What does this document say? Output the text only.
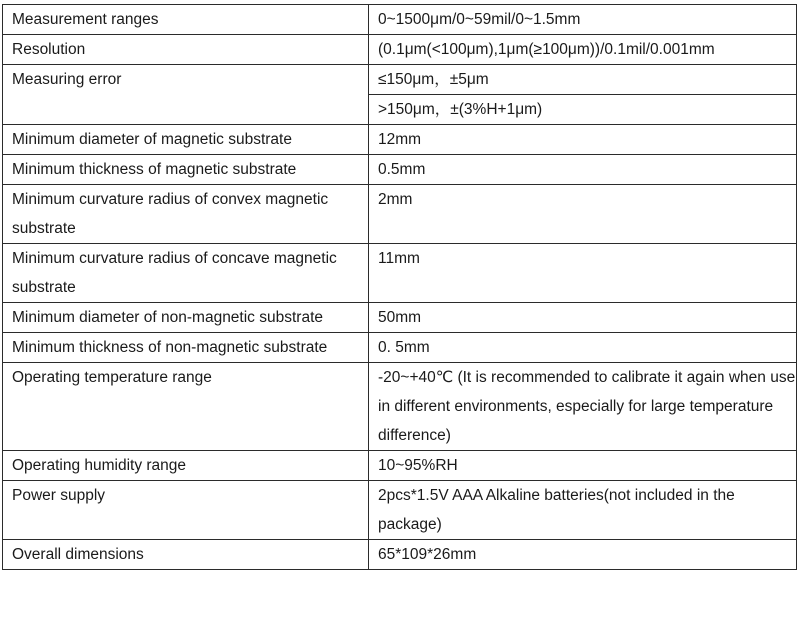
Measurement ranges	0~1500μm/0~59mil/0~1.5mm
Resolution	(0.1μm(<100μm),1μm(≥100μm))/0.1mil/0.001mm
Measuring error	≤150μm，±5μm
	>150μm，±(3%H+1μm)
Minimum diameter of magnetic substrate	12mm
Minimum thickness of magnetic substrate	0.5mm
Minimum curvature radius of convex magnetic substrate	2mm
Minimum curvature radius of concave magnetic substrate	11mm
Minimum diameter of non-magnetic substrate	50mm
Minimum thickness of non-magnetic substrate	0. 5mm
Operating temperature range	-20~+40℃ (It is recommended to calibrate it again when use in different environments, especially for large temperature difference)
Operating humidity range	10~95%RH
Power supply	2pcs*1.5V AAA Alkaline batteries(not included in the package)
Overall dimensions	65*109*26mm
